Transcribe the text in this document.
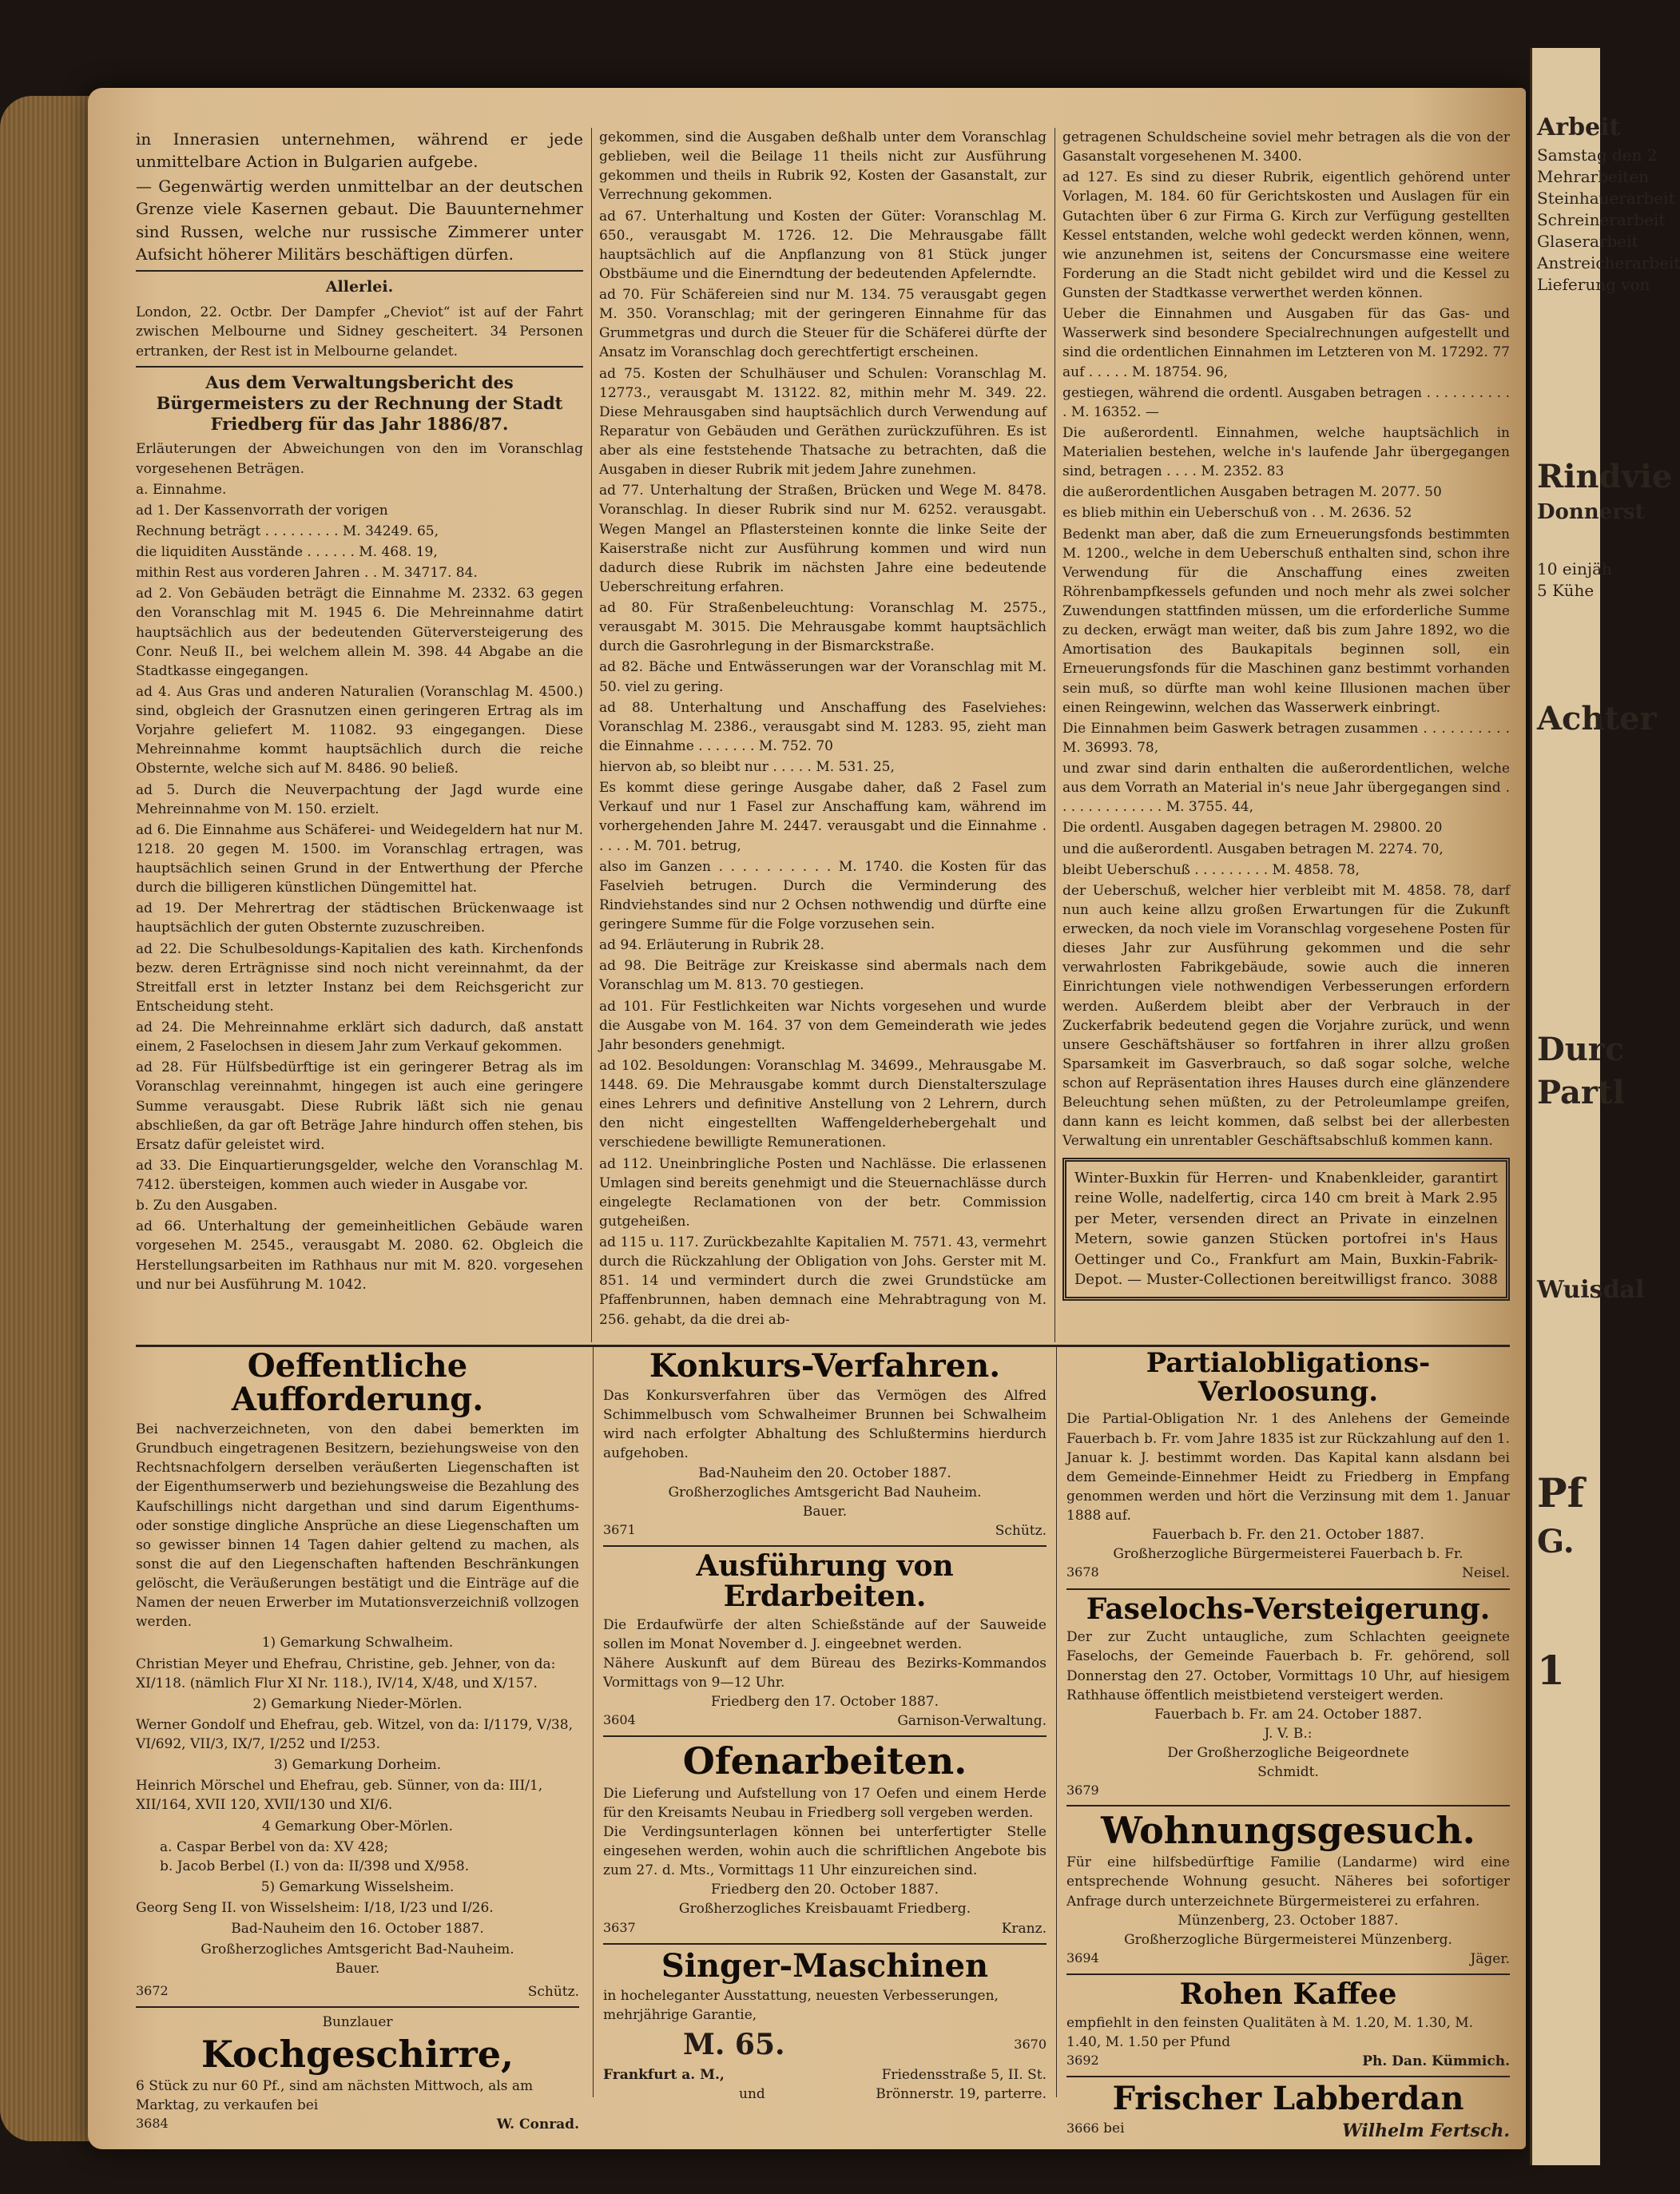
Arbeit
Samstag den 2
Mehrarbeiten
Steinhauerarbeit
Schreinerarbeit
Glaserarbeit
Anstreicherarbeit
Lieferung von
Rindvie
Donnerst
10 einjäh
5 Kühe
Achter
Durc
Partl
Wuisdal
Pf
G.
1

in Innerasien unternehmen, während er jede unmittelbare Action in Bulgarien aufgebe.

— Gegenwärtig werden unmittelbar an der deutschen Grenze viele Kasernen gebaut. Die Bauunternehmer sind Russen, welche nur russische Zimmerer unter Aufsicht höherer Militärs beschäftigen dürfen.

Allerlei.

London, 22. Octbr. Der Dampfer „Cheviot“ ist auf der Fahrt zwischen Melbourne und Sidney gescheitert. 34 Personen ertranken, der Rest ist in Melbourne gelandet.

Aus dem Verwaltungsbericht des Bürgermeisters zu der Rechnung der Stadt Friedberg für das Jahr 1886/87.

Erläuterungen der Abweichungen von den im Voranschlag vorgesehenen Beträgen.

a. Einnahme.

ad 1. Der Kassenvorrath der vorigen

Rechnung beträgt . . . . . . . . . M. 34249. 65,

die liquiditen Ausstände . . . . . . M. 468. 19,

mithin Rest aus vorderen Jahren . . M. 34717. 84.

ad 2. Von Gebäuden beträgt die Einnahme M. 2332. 63 gegen den Voranschlag mit M. 1945 6. Die Mehreinnahme datirt hauptsächlich aus der bedeutenden Güterversteigerung des Conr. Neuß II., bei welchem allein M. 398. 44 Abgabe an die Stadtkasse eingegangen.

ad 4. Aus Gras und anderen Naturalien (Voranschlag M. 4500.) sind, obgleich der Grasnutzen einen geringeren Ertrag als im Vorjahre geliefert M. 11082. 93 eingegangen. Diese Mehreinnahme kommt hauptsächlich durch die reiche Obsternte, welche sich auf M. 8486. 90 beließ.

ad 5. Durch die Neuverpachtung der Jagd wurde eine Mehreinnahme von M. 150. erzielt.

ad 6. Die Einnahme aus Schäferei- und Weidegeldern hat nur M. 1218. 20 gegen M. 1500. im Voranschlag ertragen, was hauptsächlich seinen Grund in der Entwerthung der Pferche durch die billigeren künstlichen Düngemittel hat.

ad 19. Der Mehrertrag der städtischen Brückenwaage ist hauptsächlich der guten Obsternte zuzuschreiben.

ad 22. Die Schulbesoldungs-Kapitalien des kath. Kirchenfonds bezw. deren Erträgnisse sind noch nicht vereinnahmt, da der Streitfall erst in letzter Instanz bei dem Reichsgericht zur Entscheidung steht.

ad 24. Die Mehreinnahme erklärt sich dadurch, daß anstatt einem, 2 Faselochsen in diesem Jahr zum Verkauf gekommen.

ad 28. Für Hülfsbedürftige ist ein geringerer Betrag als im Voranschlag vereinnahmt, hingegen ist auch eine geringere Summe verausgabt. Diese Rubrik läßt sich nie genau abschließen, da gar oft Beträge Jahre hindurch offen stehen, bis Ersatz dafür geleistet wird.

ad 33. Die Einquartierungsgelder, welche den Voranschlag M. 7412. übersteigen, kommen auch wieder in Ausgabe vor.

b. Zu den Ausgaben.

ad 66. Unterhaltung der gemeinheitlichen Gebäude waren vorgesehen M. 2545., verausgabt M. 2080. 62. Obgleich die Herstellungsarbeiten im Rathhaus nur mit M. 820. vorgesehen und nur bei Ausführung M. 1042.

gekommen, sind die Ausgaben deßhalb unter dem Voranschlag geblieben, weil die Beilage 11 theils nicht zur Ausführung gekommen und theils in Rubrik 92, Kosten der Gasanstalt, zur Verrechnung gekommen.

ad 67. Unterhaltung und Kosten der Güter: Voranschlag M. 650., verausgabt M. 1726. 12. Die Mehrausgabe fällt hauptsächlich auf die Anpflanzung von 81 Stück junger Obstbäume und die Einerndtung der bedeutenden Apfelerndte.

ad 70. Für Schäfereien sind nur M. 134. 75 verausgabt gegen M. 350. Voranschlag; mit der geringeren Einnahme für das Grummetgras und durch die Steuer für die Schäferei dürfte der Ansatz im Voranschlag doch gerechtfertigt erscheinen.

ad 75. Kosten der Schulhäuser und Schulen: Voranschlag M. 12773., verausgabt M. 13122. 82, mithin mehr M. 349. 22. Diese Mehrausgaben sind hauptsächlich durch Verwendung auf Reparatur von Gebäuden und Geräthen zurückzuführen. Es ist aber als eine feststehende Thatsache zu betrachten, daß die Ausgaben in dieser Rubrik mit jedem Jahre zunehmen.

ad 77. Unterhaltung der Straßen, Brücken und Wege M. 8478. Voranschlag. In dieser Rubrik sind nur M. 6252. verausgabt. Wegen Mangel an Pflastersteinen konnte die linke Seite der Kaiserstraße nicht zur Ausführung kommen und wird nun dadurch diese Rubrik im nächsten Jahre eine bedeutende Ueberschreitung erfahren.

ad 80. Für Straßenbeleuchtung: Voranschlag M. 2575., verausgabt M. 3015. Die Mehrausgabe kommt hauptsächlich durch die Gasrohrlegung in der Bismarckstraße.

ad 82. Bäche und Entwässerungen war der Voranschlag mit M. 50. viel zu gering.

ad 88. Unterhaltung und Anschaffung des Faselviehes: Voranschlag M. 2386., verausgabt sind M. 1283. 95, zieht man die Einnahme . . . . . . . M. 752. 70

hiervon ab, so bleibt nur . . . . . M. 531. 25,

Es kommt diese geringe Ausgabe daher, daß 2 Fasel zum Verkauf und nur 1 Fasel zur Anschaffung kam, während im vorhergehenden Jahre M. 2447. verausgabt und die Einnahme . . . . . M. 701. betrug,

also im Ganzen . . . . . . . . . . M. 1740. die Kosten für das Faselvieh betrugen. Durch die Verminderung des Rindviehstandes sind nur 2 Ochsen nothwendig und dürfte eine geringere Summe für die Folge vorzusehen sein.

ad 94. Erläuterung in Rubrik 28.

ad 98. Die Beiträge zur Kreiskasse sind abermals nach dem Voranschlag um M. 813. 70 gestiegen.

ad 101. Für Festlichkeiten war Nichts vorgesehen und wurde die Ausgabe von M. 164. 37 von dem Gemeinderath wie jedes Jahr besonders genehmigt.

ad 102. Besoldungen: Voranschlag M. 34699., Mehrausgabe M. 1448. 69. Die Mehrausgabe kommt durch Dienstalterszulage eines Lehrers und definitive Anstellung von 2 Lehrern, durch den nicht eingestellten Waffengelderhebergehalt und verschiedene bewilligte Remunerationen.

ad 112. Uneinbringliche Posten und Nachlässe. Die erlassenen Umlagen sind bereits genehmigt und die Steuernachlässe durch eingelegte Reclamationen von der betr. Commission gutgeheißen.

ad 115 u. 117. Zurückbezahlte Kapitalien M. 7571. 43, vermehrt durch die Rückzahlung der Obligation von Johs. Gerster mit M. 851. 14 und vermindert durch die zwei Grundstücke am Pfaffenbrunnen, haben demnach eine Mehrabtragung von M. 256. gehabt, da die drei ab-

getragenen Schuldscheine soviel mehr betragen als die von der Gasanstalt vorgesehenen M. 3400.

ad 127. Es sind zu dieser Rubrik, eigentlich gehörend unter Vorlagen, M. 184. 60 für Gerichtskosten und Auslagen für ein Gutachten über 6 zur Firma G. Kirch zur Verfügung gestellten Kessel entstanden, welche wohl gedeckt werden können, wenn, wie anzunehmen ist, seitens der Concursmasse eine weitere Forderung an die Stadt nicht gebildet wird und die Kessel zu Gunsten der Stadtkasse verwerthet werden können.

Ueber die Einnahmen und Ausgaben für das Gas- und Wasserwerk sind besondere Specialrechnungen aufgestellt und sind die ordentlichen Einnahmen im Letzteren von M. 17292. 77 auf . . . . . M. 18754. 96,

gestiegen, während die ordentl. Ausgaben betragen . . . . . . . . . . . M. 16352. —

Die außerordentl. Einnahmen, welche hauptsächlich in Materialien bestehen, welche in's laufende Jahr übergegangen sind, betragen . . . . M. 2352. 83

die außerordentlichen Ausgaben betragen M. 2077. 50

es blieb mithin ein Ueberschuß von . . M. 2636. 52

Bedenkt man aber, daß die zum Erneuerungsfonds bestimmten M. 1200., welche in dem Ueberschuß enthalten sind, schon ihre Verwendung für die Anschaffung eines zweiten Röhrenbampfkessels gefunden und noch mehr als zwei solcher Zuwendungen stattfinden müssen, um die erforderliche Summe zu decken, erwägt man weiter, daß bis zum Jahre 1892, wo die Amortisation des Baukapitals beginnen soll, ein Erneuerungsfonds für die Maschinen ganz bestimmt vorhanden sein muß, so dürfte man wohl keine Illusionen machen über einen Reingewinn, welchen das Wasserwerk einbringt.

Die Einnahmen beim Gaswerk betragen zusammen . . . . . . . . . . M. 36993. 78,

und zwar sind darin enthalten die außerordentlichen, welche aus dem Vorrath an Material in's neue Jahr übergegangen sind . . . . . . . . . . . . . M. 3755. 44,

Die ordentl. Ausgaben dagegen betragen M. 29800. 20

und die außerordentl. Ausgaben betragen M. 2274. 70,

bleibt Ueberschuß . . . . . . . . . M. 4858. 78,

der Ueberschuß, welcher hier verbleibt mit M. 4858. 78, darf nun auch keine allzu großen Erwartungen für die Zukunft erwecken, da noch viele im Voranschlag vorgesehene Posten für dieses Jahr zur Ausführung gekommen und die sehr verwahrlosten Fabrikgebäude, sowie auch die inneren Einrichtungen viele nothwendigen Verbesserungen erfordern werden. Außerdem bleibt aber der Verbrauch in der Zuckerfabrik bedeutend gegen die Vorjahre zurück, und wenn unsere Geschäftshäuser so fortfahren in ihrer allzu großen Sparsamkeit im Gasverbrauch, so daß sogar solche, welche schon auf Repräsentation ihres Hauses durch eine glänzendere Beleuchtung sehen müßten, zu der Petroleumlampe greifen, dann kann es leicht kommen, daß selbst bei der allerbesten Verwaltung ein unrentabler Geschäftsabschluß kommen kann.

Winter-Buxkin für Herren- und Knabenkleider, garantirt reine Wolle, nadelfertig, circa 140 cm breit à Mark 2.95 per Meter, versenden direct an Private in einzelnen Metern, sowie ganzen Stücken portofrei in's Haus Oettinger und Co., Frankfurt am Main, Buxkin-Fabrik-Depot. — Muster-Collectionen bereitwilligst franco. 3088
Oeffentliche Aufforderung.

Bei nachverzeichneten, von den dabei bemerkten im Grundbuch eingetragenen Besitzern, beziehungsweise von den Rechtsnachfolgern derselben veräußerten Liegenschaften ist der Eigenthumserwerb und beziehungsweise die Bezahlung des Kaufschillings nicht dargethan und sind darum Eigenthums- oder sonstige dingliche Ansprüche an diese Liegenschaften um so gewisser binnen 14 Tagen dahier geltend zu machen, als sonst die auf den Liegenschaften haftenden Beschränkungen gelöscht, die Veräußerungen bestätigt und die Einträge auf die Namen der neuen Erwerber im Mutationsverzeichniß vollzogen werden.

1) Gemarkung Schwalheim.

Christian Meyer und Ehefrau, Christine, geb. Jehner, von da: XI/118. (nämlich Flur XI Nr. 118.), IV/14, X/48, und X/157.

2) Gemarkung Nieder-Mörlen.

Werner Gondolf und Ehefrau, geb. Witzel, von da: I/1179, V/38, VI/692, VII/3, IX/7, I/252 und I/253.

3) Gemarkung Dorheim.

Heinrich Mörschel und Ehefrau, geb. Sünner, von da: III/1, XII/164, XVII 120, XVII/130 und XI/6.

4 Gemarkung Ober-Mörlen.

a. Caspar Berbel von da: XV 428;

b. Jacob Berbel (I.) von da: II/398 und X/958.

5) Gemarkung Wisselsheim.

Georg Seng II. von Wisselsheim: I/18, I/23 und I/26.

Bad-Nauheim den 16. October 1887.

Großherzogliches Amtsgericht Bad-Nauheim.

Bauer.

3672	Schütz.

Bunzlauer

Kochgeschirre,

6 Stück zu nur 60 Pf., sind am nächsten Mittwoch, als am Marktag, zu verkaufen bei

3684	W. Conrad.
Konkurs-Verfahren.

Das Konkursverfahren über das Vermögen des Alfred Schimmelbusch vom Schwalheimer Brunnen bei Schwalheim wird nach erfolgter Abhaltung des Schlußtermins hierdurch aufgehoben.

Bad-Nauheim den 20. October 1887.

Großherzogliches Amtsgericht Bad Nauheim.

Bauer.

3671	Schütz.
Ausführung von Erdarbeiten.

Die Erdaufwürfe der alten Schießstände auf der Sauweide sollen im Monat November d. J. eingeebnet werden.

Nähere Auskunft auf dem Büreau des Bezirks-Kommandos Vormittags von 9—12 Uhr.

Friedberg den 17. October 1887.

3604	Garnison-Verwaltung.
Ofenarbeiten.

Die Lieferung und Aufstellung von 17 Oefen und einem Herde für den Kreisamts Neubau in Friedberg soll vergeben werden.

Die Verdingsunterlagen können bei unterfertigter Stelle eingesehen werden, wohin auch die schriftlichen Angebote bis zum 27. d. Mts., Vormittags 11 Uhr einzureichen sind.

Friedberg den 20. October 1887.

Großherzogliches Kreisbauamt Friedberg.

3637	Kranz.
Singer-Maschinen

in hocheleganter Ausstattung, neuesten Verbesserungen, mehrjährige Garantie,

M. 65.	3670
Frankfurt a. M.,	Friedensstraße 5, II. St.
und	Brönnerstr. 19, parterre.
Partialobligations-Verloosung.

Die Partial-Obligation Nr. 1 des Anlehens der Gemeinde Fauerbach b. Fr. vom Jahre 1835 ist zur Rückzahlung auf den 1. Januar k. J. bestimmt worden. Das Kapital kann alsdann bei dem Gemeinde-Einnehmer Heidt zu Friedberg in Empfang genommen werden und hört die Verzinsung mit dem 1. Januar 1888 auf.

Fauerbach b. Fr. den 21. October 1887.

Großherzogliche Bürgermeisterei Fauerbach b. Fr.

3678	Neisel.
Faselochs-Versteigerung.

Der zur Zucht untaugliche, zum Schlachten geeignete Faselochs, der Gemeinde Fauerbach b. Fr. gehörend, soll Donnerstag den 27. October, Vormittags 10 Uhr, auf hiesigem Rathhause öffentlich meistbietend versteigert werden.

Fauerbach b. Fr. am 24. October 1887.

J. V. B.:

Der Großherzogliche Beigeordnete

Schmidt.

3679
Wohnungsgesuch.

Für eine hilfsbedürftige Familie (Landarme) wird eine entsprechende Wohnung gesucht. Näheres bei sofortiger Anfrage durch unterzeichnete Bürgermeisterei zu erfahren.

Münzenberg, 23. October 1887.

Großherzogliche Bürgermeisterei Münzenberg.

3694	Jäger.
Rohen Kaffee

empfiehlt in den feinsten Qualitäten à M. 1.20, M. 1.30, M. 1.40, M. 1.50 per Pfund

3692	Ph. Dan. Kümmich.
Frischer Labberdan
3666 bei	Wilhelm Fertsch.
